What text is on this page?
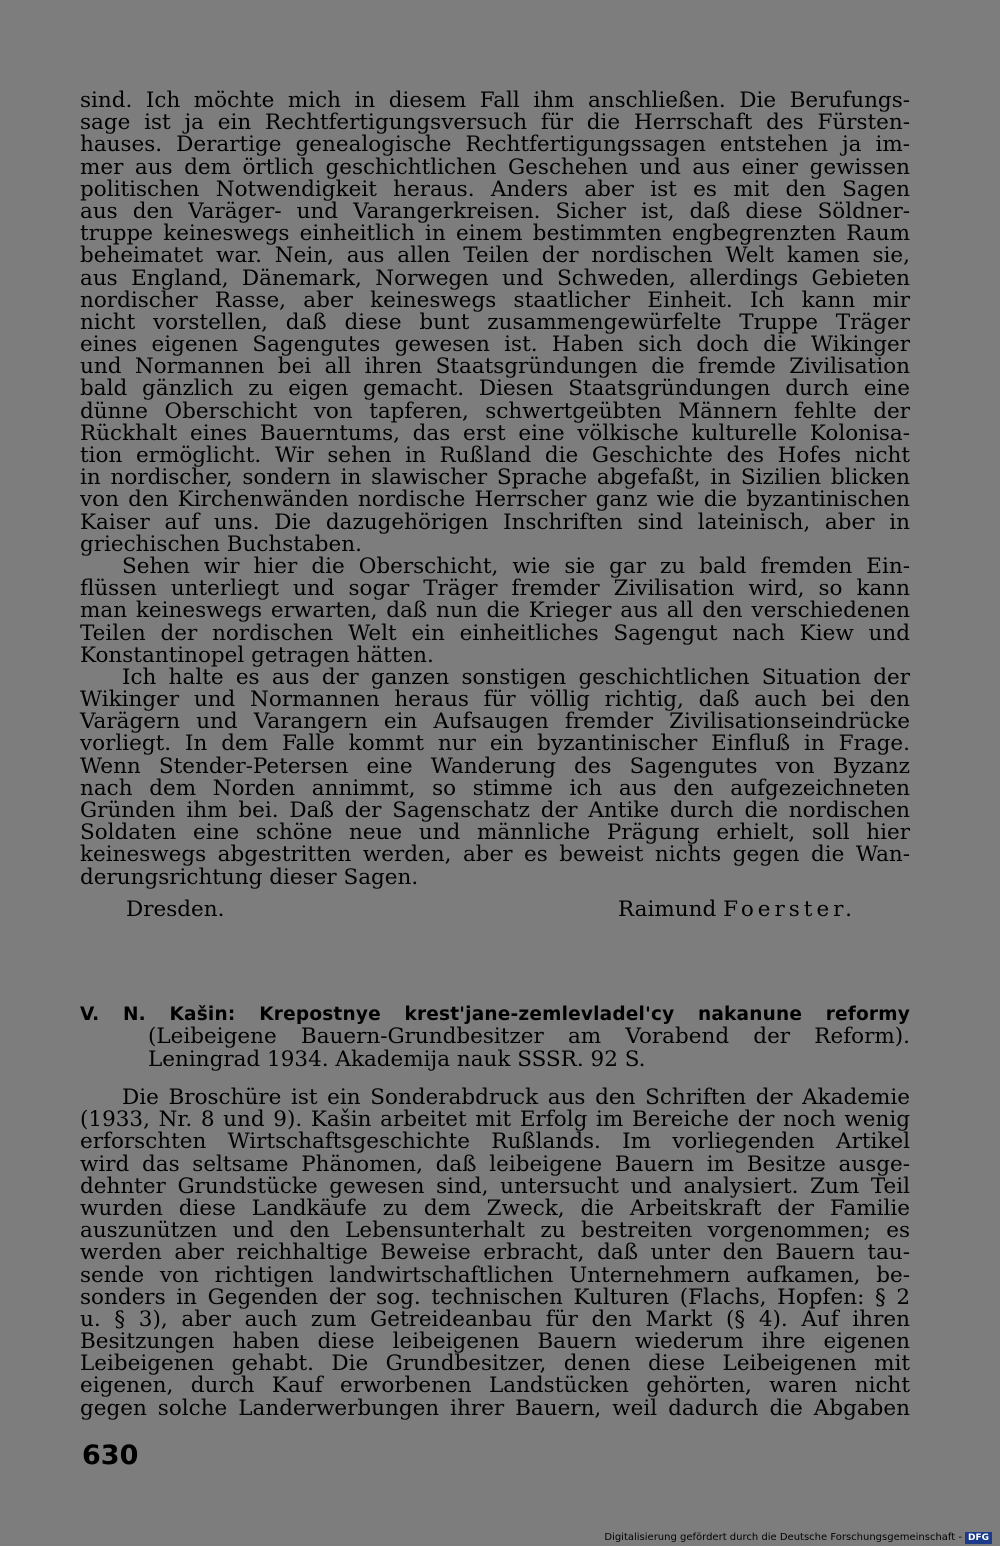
sind. Ich möchte mich in diesem Fall ihm anschließen. Die Berufungs-
sage ist ja ein Rechtfertigungsversuch für die Herrschaft des Fürsten-
hauses. Derartige genealogische Rechtfertigungssagen entstehen ja im-
mer aus dem örtlich geschichtlichen Geschehen und aus einer gewissen
politischen Notwendigkeit heraus. Anders aber ist es mit den Sagen
aus den Varäger- und Varangerkreisen. Sicher ist, daß diese Söldner-
truppe keineswegs einheitlich in einem bestimmten engbegrenzten Raum
beheimatet war. Nein, aus allen Teilen der nordischen Welt kamen sie,
aus England, Dänemark, Norwegen und Schweden, allerdings Gebieten
nordischer Rasse, aber keineswegs staatlicher Einheit. Ich kann mir
nicht vorstellen, daß diese bunt zusammengewürfelte Truppe Träger
eines eigenen Sagengutes gewesen ist. Haben sich doch die Wikinger
und Normannen bei all ihren Staatsgründungen die fremde Zivilisation
bald gänzlich zu eigen gemacht. Diesen Staatsgründungen durch eine
dünne Oberschicht von tapferen, schwertgeübten Männern fehlte der
Rückhalt eines Bauerntums, das erst eine völkische kulturelle Kolonisa-
tion ermöglicht. Wir sehen in Rußland die Geschichte des Hofes nicht
in nordischer, sondern in slawischer Sprache abgefaßt, in Sizilien blicken
von den Kirchenwänden nordische Herrscher ganz wie die byzantinischen
Kaiser auf uns. Die dazugehörigen Inschriften sind lateinisch, aber in
griechischen Buchstaben.
Sehen wir hier die Oberschicht, wie sie gar zu bald fremden Ein-
flüssen unterliegt und sogar Träger fremder Zivilisation wird, so kann
man keineswegs erwarten, daß nun die Krieger aus all den verschiedenen
Teilen der nordischen Welt ein einheitliches Sagengut nach Kiew und
Konstantinopel getragen hätten.
Ich halte es aus der ganzen sonstigen geschichtlichen Situation der
Wikinger und Normannen heraus für völlig richtig, daß auch bei den
Varägern und Varangern ein Aufsaugen fremder Zivilisationseindrücke
vorliegt. In dem Falle kommt nur ein byzantinischer Einfluß in Frage.
Wenn Stender-Petersen eine Wanderung des Sagengutes von Byzanz
nach dem Norden annimmt, so stimme ich aus den aufgezeichneten
Gründen ihm bei. Daß der Sagenschatz der Antike durch die nordischen
Soldaten eine schöne neue und männliche Prägung erhielt, soll hier
keineswegs abgestritten werden, aber es beweist nichts gegen die Wan-
derungsrichtung dieser Sagen.
Dresden.	Raimund Foerster.
V. N. Kašin: Krepostnye krest'jane-zemlevladel'cy nakanune reformy
(Leibeigene Bauern-Grundbesitzer am Vorabend der Reform).
Leningrad 1934. Akademija nauk SSSR. 92 S.
Die Broschüre ist ein Sonderabdruck aus den Schriften der Akademie
(1933, Nr. 8 und 9). Kašin arbeitet mit Erfolg im Bereiche der noch wenig
erforschten Wirtschaftsgeschichte Rußlands. Im vorliegenden Artikel
wird das seltsame Phänomen, daß leibeigene Bauern im Besitze ausge-
dehnter Grundstücke gewesen sind, untersucht und analysiert. Zum Teil
wurden diese Landkäufe zu dem Zweck, die Arbeitskraft der Familie
auszunützen und den Lebensunterhalt zu bestreiten vorgenommen; es
werden aber reichhaltige Beweise erbracht, daß unter den Bauern tau-
sende von richtigen landwirtschaftlichen Unternehmern aufkamen, be-
sonders in Gegenden der sog. technischen Kulturen (Flachs, Hopfen: § 2
u. § 3), aber auch zum Getreideanbau für den Markt (§ 4). Auf ihren
Besitzungen haben diese leibeigenen Bauern wiederum ihre eigenen
Leibeigenen gehabt. Die Grundbesitzer, denen diese Leibeigenen mit
eigenen, durch Kauf erworbenen Landstücken gehörten, waren nicht
gegen solche Landerwerbungen ihrer Bauern, weil dadurch die Abgaben
630
Digitalisierung gefördert durch die Deutsche Forschungsgemeinschaft - DFG
